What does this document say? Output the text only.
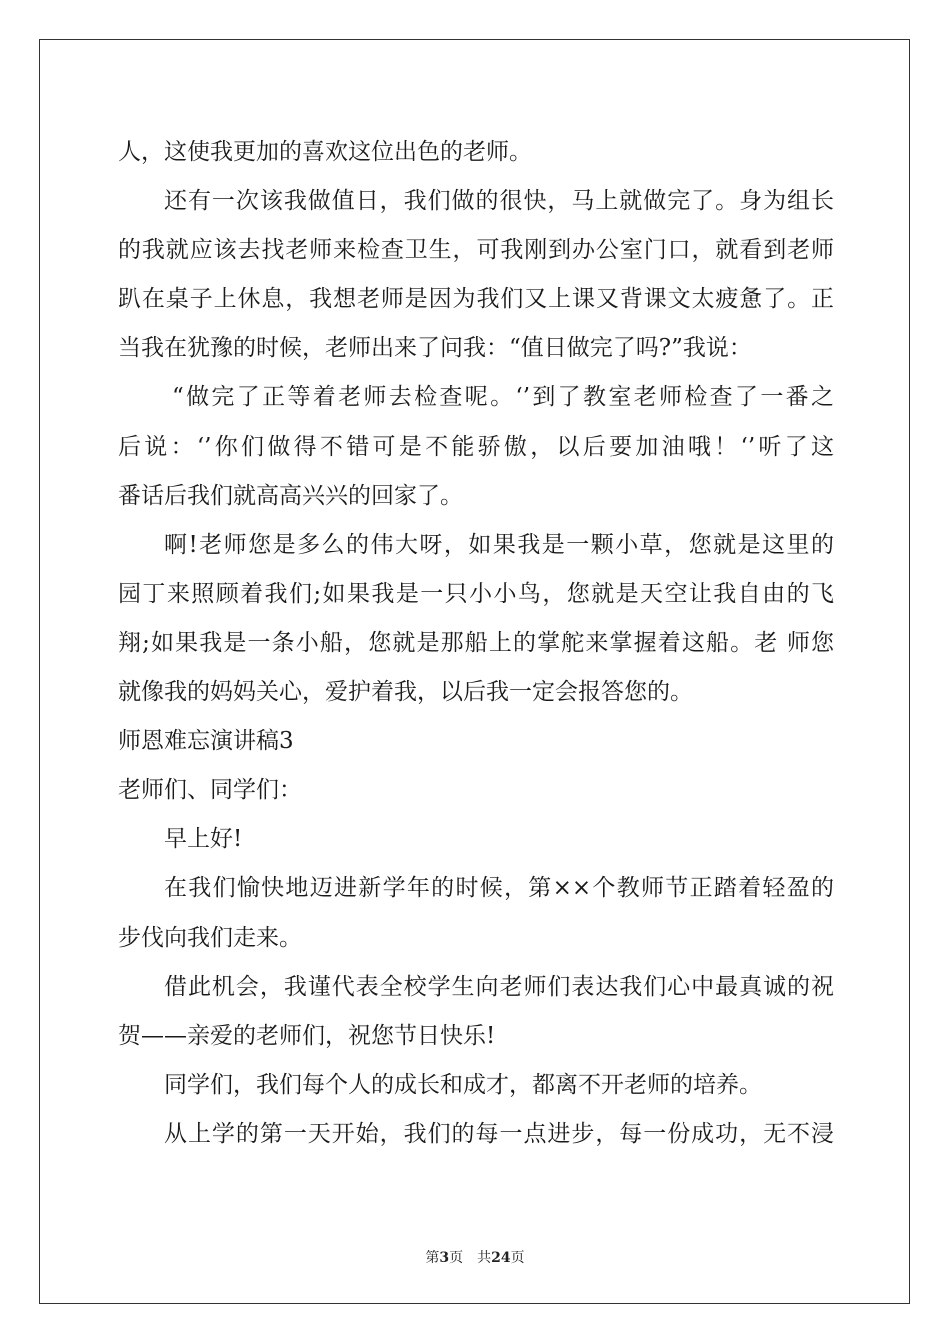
人，这使我更加的喜欢这位出色的老师。
还有一次该我做值日，我们做的很快，马上就做完了。身为组长
的我就应该去找老师来检查卫生，可我刚到办公室门口，就看到老师
趴在桌子上休息，我想老师是因为我们又上课又背课文太疲惫了。正
当我在犹豫的时候，老师出来了问我：“值日做完了吗?”我说：
“做完了正等着老师去检查呢。‘’到了教室老师检查了一番之
后说：‘’你们做得不错可是不能骄傲，以后要加油哦！‘’听了这
番话后我们就高高兴兴的回家了。
啊!老师您是多么的伟大呀，如果我是一颗小草，您就是这里的
园丁来照顾着我们;如果我是一只小小鸟，您就是天空让我自由的飞
翔;如果我是一条小船，您就是那船上的掌舵来掌握着这船。老 师您
就像我的妈妈关心，爱护着我，以后我一定会报答您的。
师恩难忘演讲稿3
老师们、同学们：
早上好!
在我们愉快地迈进新学年的时候，第××个教师节正踏着轻盈的
步伐向我们走来。
借此机会，我谨代表全校学生向老师们表达我们心中最真诚的祝
贺——亲爱的老师们，祝您节日快乐!
同学们，我们每个人的成长和成才，都离不开老师的培养。
从上学的第一天开始，我们的每一点进步，每一份成功，无不浸
第3页 共24页
